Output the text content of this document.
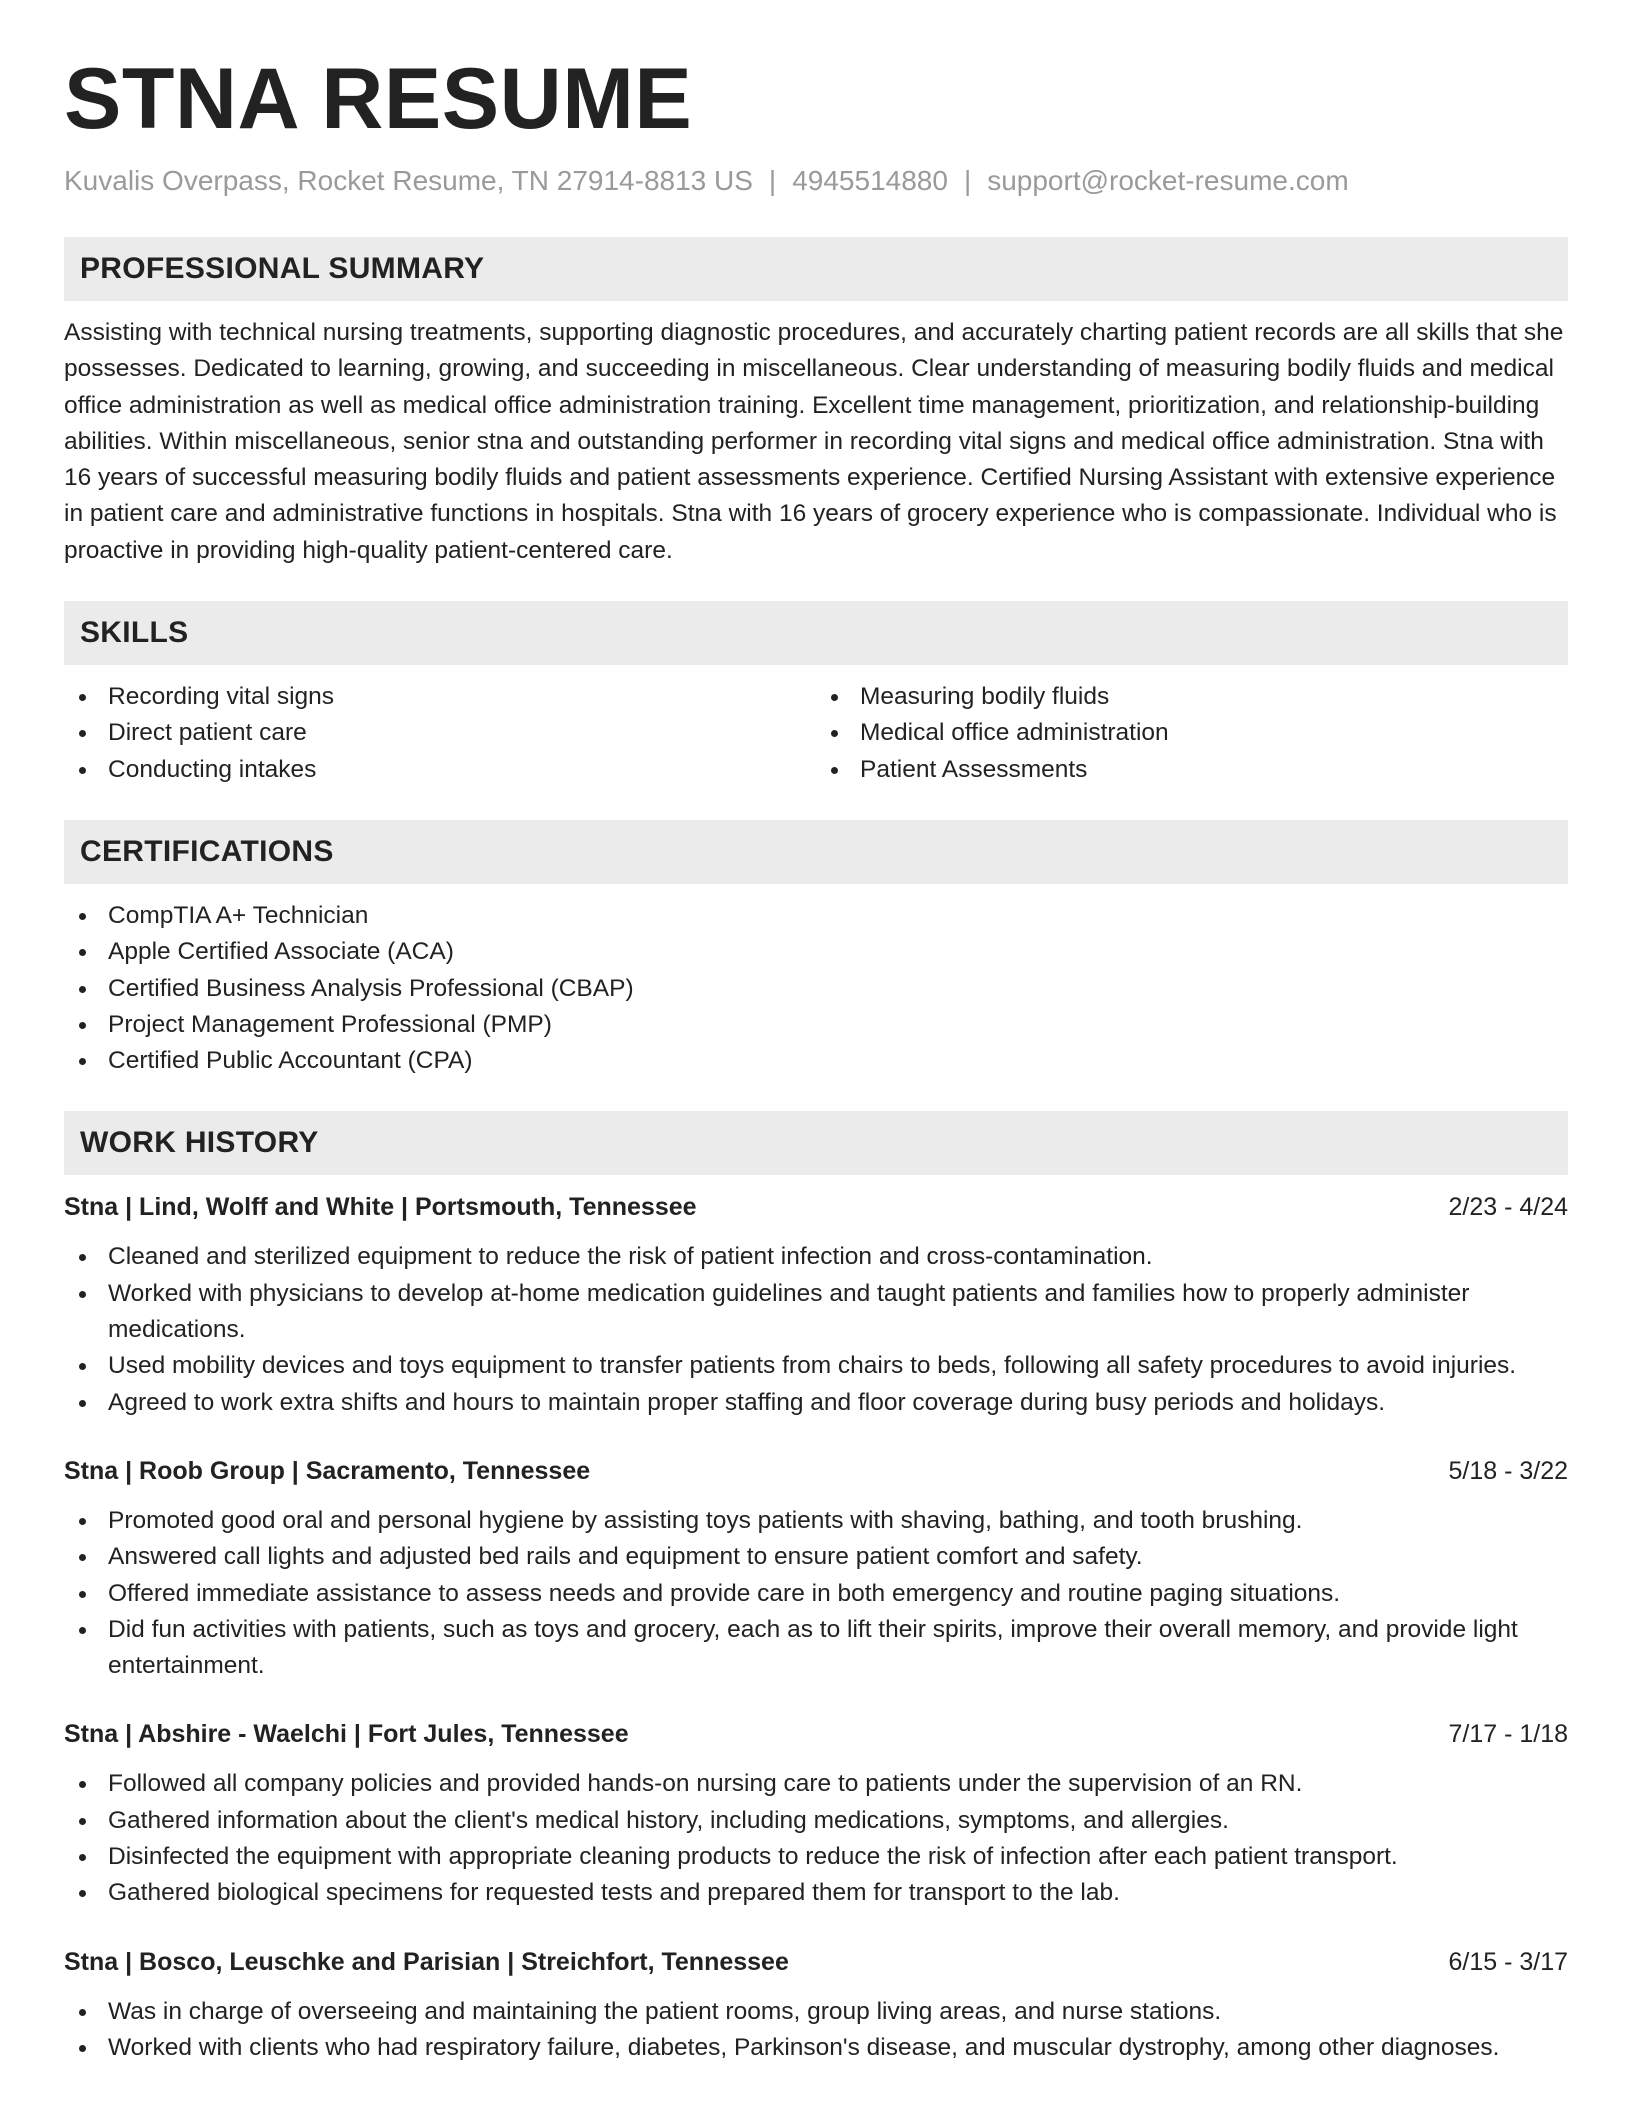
STNA RESUME
Kuvalis Overpass, Rocket Resume, TN 27914-8813 US | 4945514880 | support@rocket-resume.com
PROFESSIONAL SUMMARY

Assisting with technical nursing treatments, supporting diagnostic procedures, and accurately charting patient records are all skills that she possesses. Dedicated to learning, growing, and succeeding in miscellaneous. Clear understanding of measuring bodily fluids and medical office administration as well as medical office administration training. Excellent time management, prioritization, and relationship-building abilities. Within miscellaneous, senior stna and outstanding performer in recording vital signs and medical office administration. Stna with 16 years of successful measuring bodily fluids and patient assessments experience. Certified Nursing Assistant with extensive experience in patient care and administrative functions in hospitals. Stna with 16 years of grocery experience who is compassionate. Individual who is proactive in providing high-quality patient-centered care.

SKILLS
Recording vital signs
Direct patient care
Conducting intakes
Measuring bodily fluids
Medical office administration
Patient Assessments
CERTIFICATIONS
CompTIA A+ Technician
Apple Certified Associate (ACA)
Certified Business Analysis Professional (CBAP)
Project Management Professional (PMP)
Certified Public Accountant (CPA)
WORK HISTORY
Stna | Lind, Wolff and White | Portsmouth, Tennessee	2/23 - 4/24
Cleaned and sterilized equipment to reduce the risk of patient infection and cross-contamination.
Worked with physicians to develop at-home medication guidelines and taught patients and families how to properly administer medications.
Used mobility devices and toys equipment to transfer patients from chairs to beds, following all safety procedures to avoid injuries.
Agreed to work extra shifts and hours to maintain proper staffing and floor coverage during busy periods and holidays.
Stna | Roob Group | Sacramento, Tennessee	5/18 - 3/22
Promoted good oral and personal hygiene by assisting toys patients with shaving, bathing, and tooth brushing.
Answered call lights and adjusted bed rails and equipment to ensure patient comfort and safety.
Offered immediate assistance to assess needs and provide care in both emergency and routine paging situations.
Did fun activities with patients, such as toys and grocery, each as to lift their spirits, improve their overall memory, and provide light entertainment.
Stna | Abshire - Waelchi | Fort Jules, Tennessee	7/17 - 1/18
Followed all company policies and provided hands-on nursing care to patients under the supervision of an RN.
Gathered information about the client's medical history, including medications, symptoms, and allergies.
Disinfected the equipment with appropriate cleaning products to reduce the risk of infection after each patient transport.
Gathered biological specimens for requested tests and prepared them for transport to the lab.
Stna | Bosco, Leuschke and Parisian | Streichfort, Tennessee	6/15 - 3/17
Was in charge of overseeing and maintaining the patient rooms, group living areas, and nurse stations.
Worked with clients who had respiratory failure, diabetes, Parkinson's disease, and muscular dystrophy, among other diagnoses.
